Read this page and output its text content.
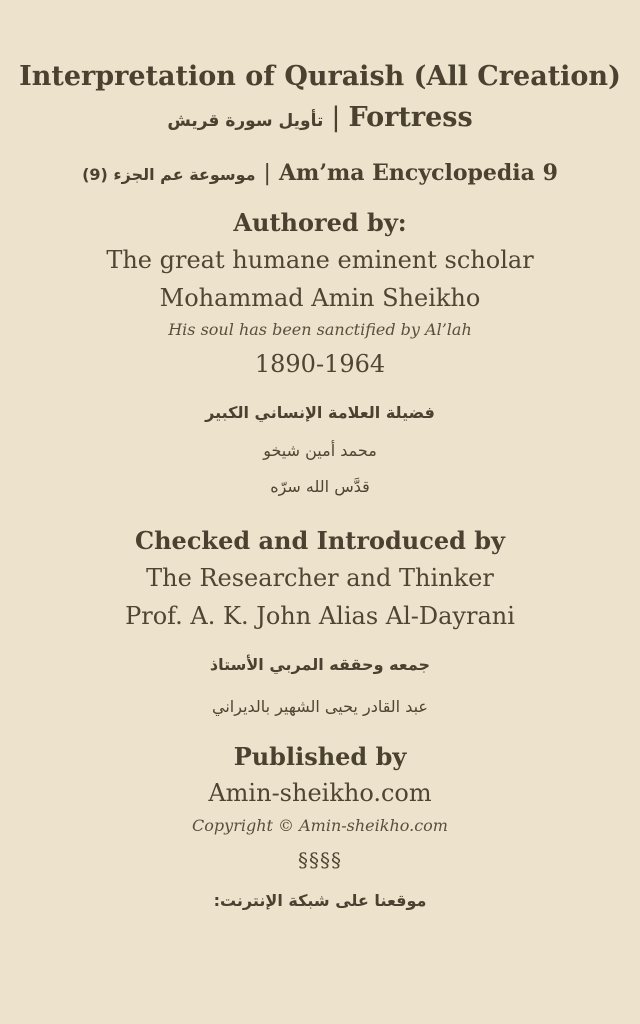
Interpretation of Quraish (All Creation)
تأويل سورة قريش | Fortress
موسوعة عم الجزء (9) | Am’ma Encyclopedia 9
Authored by:
The great humane eminent scholar
Mohammad Amin Sheikho
His soul has been sanctified by Al’lah
1890-1964
فضيلة العلامة الإنساني الكبير
محمد أمين شيخو
قدَّس الله سرّه
Checked and Introduced by
The Researcher and Thinker
Prof. A. K. John Alias Al-Dayrani
جمعه وحققه المربي الأستاذ
عبد القادر يحيى الشهير بالديراني
Published by
Amin-sheikho.com
Copyright © Amin-sheikho.com
§§§§
موقعنا على شبكة الإنترنت:
